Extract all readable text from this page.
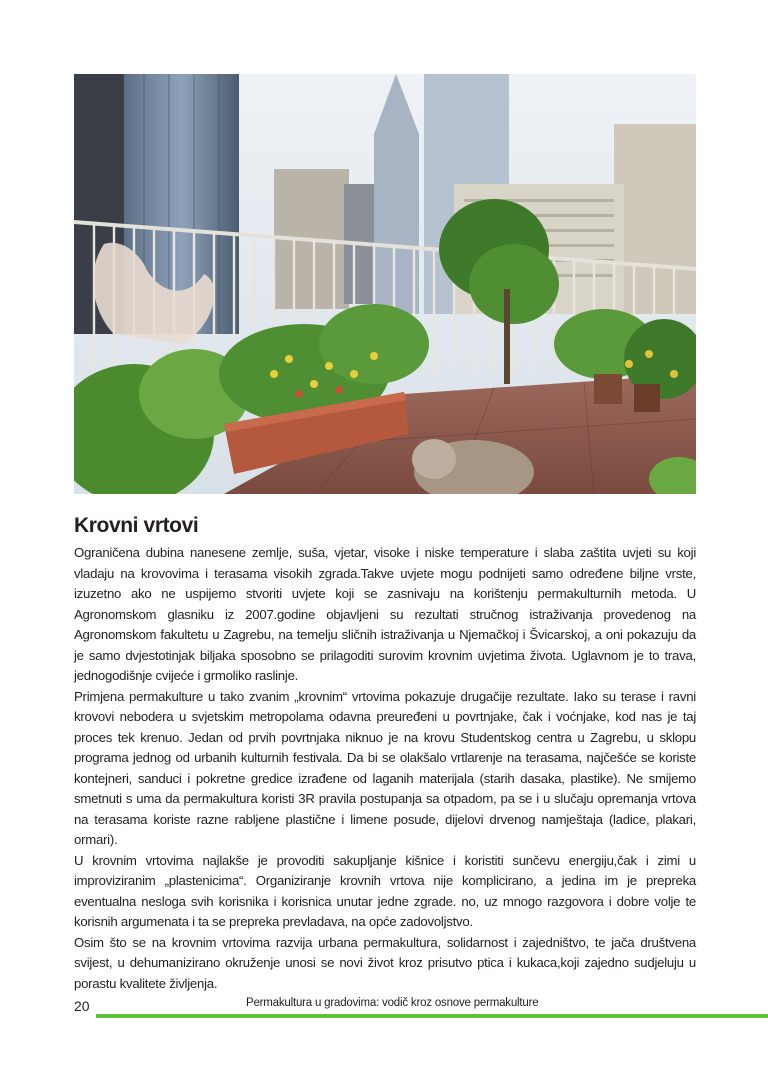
Krovni vrtovi

Ograničena dubina nanesene zemlje, suša, vjetar, visoke i niske temperature i slaba zaštita uvjeti su koji vladaju na krovovima i terasama visokih zgrada.Takve uvjete mogu podnijeti samo određene biljne vrste, izuzetno ako ne uspijemo stvoriti uvjete koji se zasnivaju na korištenju permakulturnih metoda. U Agronomskom glasniku iz 2007.godine objavljeni su rezultati stručnog istraživanja provedenog na Agronomskom fakultetu u Zagrebu, na temelju sličnih istraživanja u Njemačkoj i Švicarskoj, a oni pokazuju da je samo dvjestotinjak biljaka sposobno se prilagoditi surovim krovnim uvjetima života. Uglavnom je to trava, jednogodišnje cvijeće i grmoliko raslinje.

Primjena permakulture u tako zvanim „krovnim“ vrtovima pokazuje drugačije rezultate. Iako su terase i ravni krovovi nebodera u svjetskim metropolama odavna preuređeni u povrtnjake, čak i voćnjake, kod nas je taj proces tek krenuo. Jedan od prvih povrtnjaka niknuo je na krovu Studentskog centra u Zagrebu, u sklopu programa jednog od urbanih kulturnih festivala. Da bi se olakšalo vrtlarenje na terasama, najčešće se koriste kontejneri, sanduci i pokretne gredice izrađene od laganih materijala (starih dasaka, plastike). Ne smijemo smetnuti s uma da permakultura koristi 3R pravila postupanja sa otpadom, pa se i u slučaju opremanja vrtova na terasama koriste razne rabljene plastične i limene posude, dijelovi drvenog namještaja (ladice, plakari, ormari).

U krovnim vrtovima najlakše je provoditi sakupljanje kišnice i koristiti sunčevu energiju,čak i zimi u improviziranim „plastenicima“. Organiziranje krovnih vrtova nije komplicirano, a jedina im je prepreka eventualna nesloga svih korisnika i korisnica unutar jedne zgrade. no, uz mnogo razgovora i dobre volje te korisnih argumenata i ta se prepreka prevladava, na opće zadovoljstvo.

Osim što se na krovnim vrtovima razvija urbana permakultura, solidarnost i zajedništvo, te jača društvena svijest, u dehumanizirano okruženje unosi se novi život kroz prisutvo ptica i kukaca,koji zajedno sudjeluju u porastu kvalitete življenja.

20	Permakultura u gradovima: vodič kroz osnove permakulture
